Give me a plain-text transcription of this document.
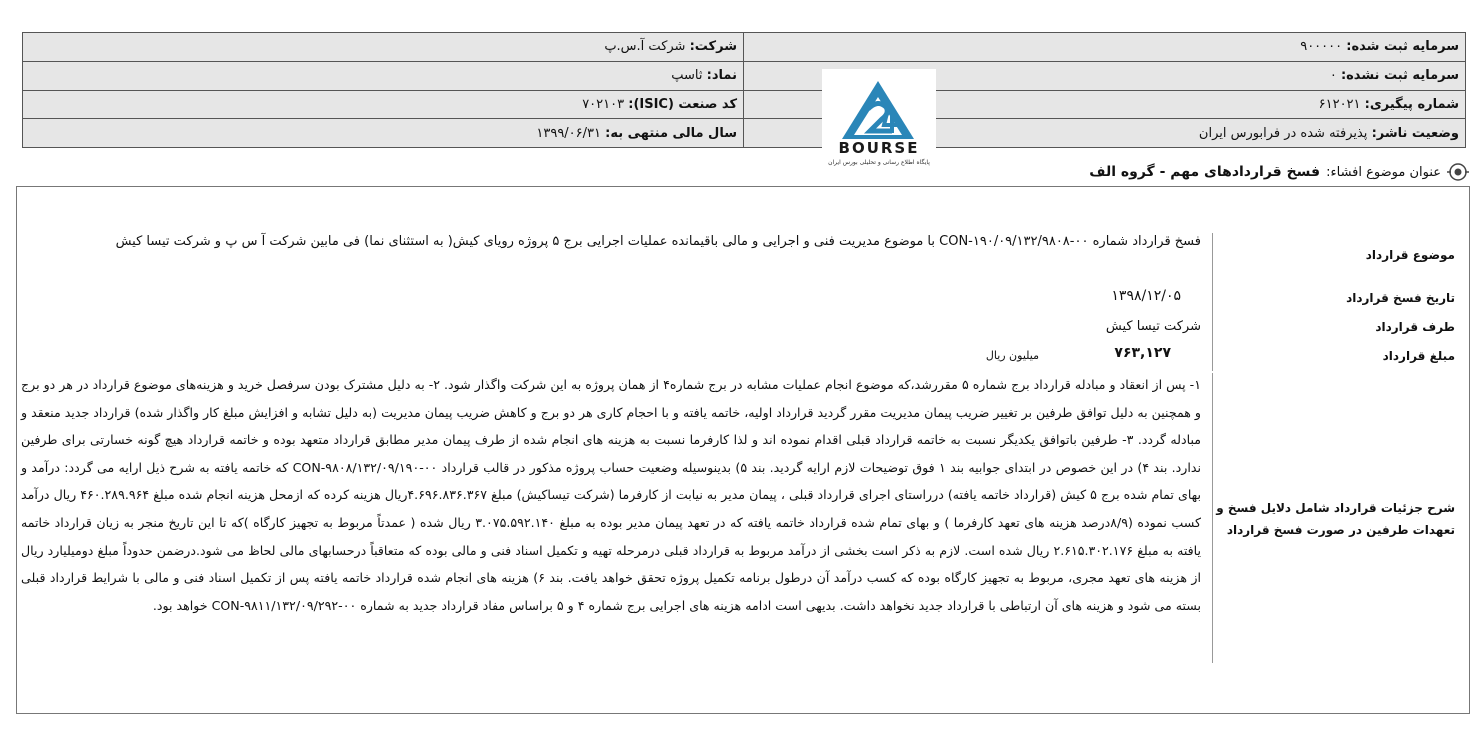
شرکت: شرکت آ.س.پ	سرمایه ثبت شده: ۹۰۰۰۰۰
نماد: ثاسپ	سرمایه ثبت نشده: ۰
کد صنعت (ISIC): ۷۰۲۱۰۳	شماره پیگیری: ۶۱۲۰۲۱
سال مالی منتهی به: ۱۳۹۹/۰۶/۳۱	وضعیت ناشر: پذیرفته شده در فرابورس ایران
BOURSE
پایگاه اطلاع رسانی و تحلیلی بورس ایران
عنوان موضوع افشاء:
فسخ قراردادهای مهم - گروه الف
موضوع قرارداد
فسخ قرارداد شماره ۰۰-CON-۱۹۰/۰۹/۱۳۲/۹۸۰۸ با موضوع مدیریت فنی و اجرایی و مالی باقیمانده عملیات اجرایی برج ۵ پروژه رویای کیش( به استثنای نما) فی مابین شرکت آ س پ و شرکت تیسا کیش
تاریخ فسخ قرارداد
۱۳۹۸/۱۲/۰۵
طرف قرارداد
شرکت تیسا کیش
مبلغ قرارداد
۷۶۳,۱۲۷
میلیون ریال
شرح جزئیات قرارداد شامل دلایل فسخ و تعهدات طرفین در صورت فسخ قرارداد
۱- پس از انعقاد و مبادله قرارداد برج شماره ۵ مقررشد،که موضوع انجام عملیات مشابه در برج شماره۴ از همان پروژه به این شرکت واگذار شود. ۲- به دلیل مشترک بودن سرفصل خرید و هزینه‌های موضوع قرارداد در هر دو برج و همچنین به دلیل توافق طرفین بر تغییر ضریب پیمان مدیریت مقرر گردید قرارداد اولیه، خاتمه یافته و با احجام کاری هر دو برج و کاهش ضریب پیمان مدیریت (به دلیل تشابه و افزایش مبلغ کار واگذار شده) قرارداد جدید منعقد و مبادله گردد. ۳- طرفین باتوافق یکدیگر نسبت به خاتمه قرارداد قبلی اقدام نموده اند و لذا کارفرما نسبت به هزینه های انجام شده از طرف پیمان مدیر مطابق قرارداد متعهد بوده و خاتمه قرارداد هیچ گونه خسارتی برای طرفین ندارد. بند ۴) در این خصوص در ابتدای جوابیه بند ۱ فوق توضیحات لازم ارایه گردید. بند ۵) بدینوسیله وضعیت حساب پروژه مذکور در قالب قرارداد ۰۰-CON-۹۸۰۸/۱۳۲/۰۹/۱۹۰ که خاتمه یافته به شرح ذیل ارایه می گردد: درآمد و بهای تمام شده برج ۵ کیش (قرارداد خاتمه یافته) درراستای اجرای قرارداد قبلی ، پیمان مدیر به نیابت از کارفرما (شرکت تیساکیش) مبلغ ۴.۶۹۶.۸۳۶.۳۶۷ریال هزینه کرده که ازمحل هزینه انجام شده مبلغ ۴۶۰.۲۸۹.۹۶۴ ریال درآمد کسب نموده (۸/۹درصد هزینه های تعهد کارفرما ) و بهای تمام شده قرارداد خاتمه یافته که در تعهد پیمان مدیر بوده به مبلغ ۳.۰۷۵.۵۹۲.۱۴۰ ریال شده ( عمدتاً مربوط به تجهیز کارگاه )که تا این تاریخ منجر به زیان قرارداد خاتمه یافته به مبلغ ۲.۶۱۵.۳۰۲.۱۷۶ ریال شده است. لازم به ذکر است بخشی از درآمد مربوط به قرارداد قبلی درمرحله تهیه و تکمیل اسناد فنی و مالی بوده که متعاقباً درحسابهای مالی لحاظ می شود.درضمن حدوداً مبلغ دومیلیارد ریال از هزینه های تعهد مجری، مربوط به تجهیز کارگاه بوده که کسب درآمد آن درطول برنامه تکمیل پروژه تحقق خواهد یافت. بند ۶) هزینه های انجام شده قرارداد خاتمه یافته پس از تکمیل اسناد فنی و مالی با شرایط قرارداد قبلی بسته می شود و هزینه های آن ارتباطی با قرارداد جدید نخواهد داشت. بدیهی است ادامه هزینه های اجرایی برج شماره ۴ و ۵ براساس مفاد قرارداد جدید به شماره ۰۰-CON-۹۸۱۱/۱۳۲/۰۹/۲۹۲ خواهد بود.
